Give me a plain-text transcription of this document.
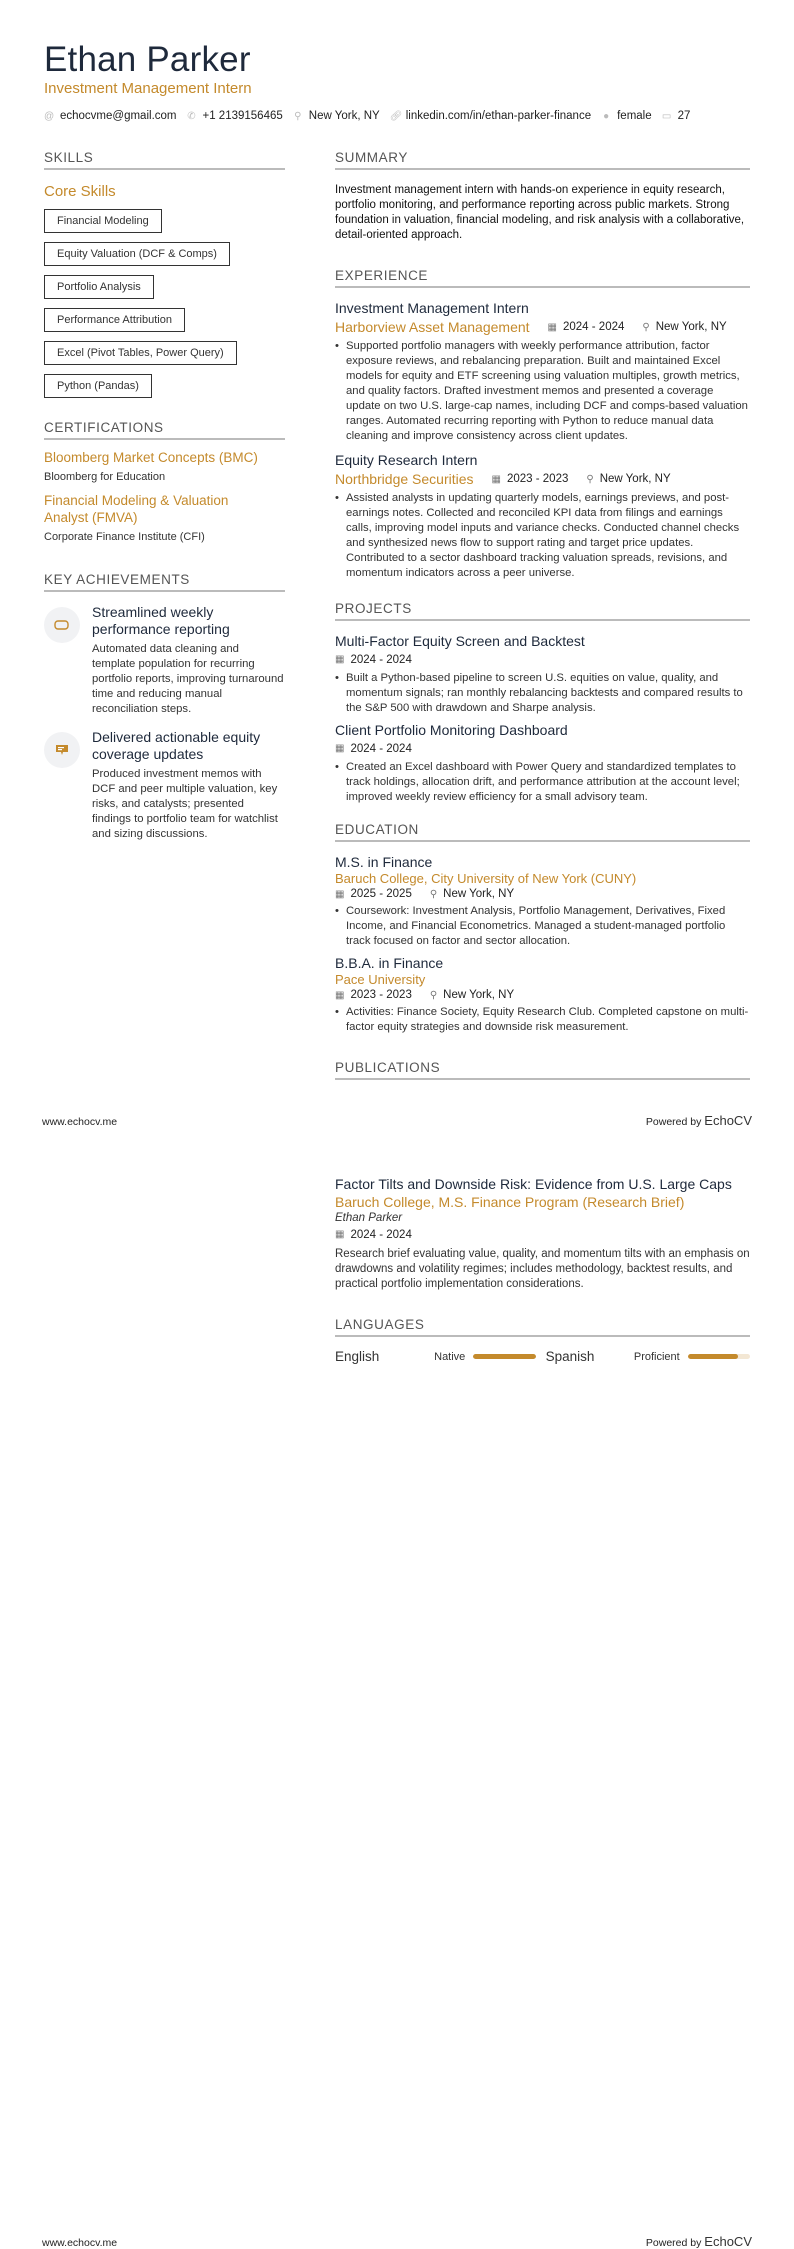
Ethan Parker
Investment Management Intern
@ echocvme@gmail.com ✆ +1 2139156465 ⚲ New York, NY 🔗︎ linkedin.com/in/ethan-parker-finance ● female ▭ 27
SKILLS
Core Skills
Financial Modeling
Equity Valuation (DCF & Comps)
Portfolio Analysis
Performance Attribution
Excel (Pivot Tables, Power Query)
Python (Pandas)
CERTIFICATIONS
Bloomberg Market Concepts (BMC)
Bloomberg for Education
Financial Modeling & Valuation Analyst (FMVA)
Corporate Finance Institute (CFI)
KEY ACHIEVEMENTS
Streamlined weekly performance reporting
Automated data cleaning and template population for recurring portfolio reports, improving turnaround time and reducing manual reconciliation steps.
Delivered actionable equity coverage updates
Produced investment memos with DCF and peer multiple valuation, key risks, and catalysts; presented findings to portfolio team for watchlist and sizing discussions.
SUMMARY
Investment management intern with hands-on experience in equity research, portfolio monitoring, and performance reporting across public markets. Strong foundation in valuation, financial modeling, and risk analysis with a collaborative, detail-oriented approach.
EXPERIENCE
Investment Management Intern
Harborview Asset Management ▦ 2024 - 2024 ⚲ New York, NY
• Supported portfolio managers with weekly performance attribution, factor exposure reviews, and rebalancing preparation. Built and maintained Excel models for equity and ETF screening using valuation multiples, growth metrics, and quality factors. Drafted investment memos and presented a coverage update on two U.S. large-cap names, including DCF and comps-based valuation ranges. Automated recurring reporting with Python to reduce manual data cleaning and improve consistency across client updates.
Equity Research Intern
Northbridge Securities ▦ 2023 - 2023 ⚲ New York, NY
• Assisted analysts in updating quarterly models, earnings previews, and post-earnings notes. Collected and reconciled KPI data from filings and earnings calls, improving model inputs and variance checks. Conducted channel checks and synthesized news flow to support rating and target price updates. Contributed to a sector dashboard tracking valuation spreads, revisions, and momentum indicators across a peer universe.
PROJECTS
Multi-Factor Equity Screen and Backtest
▦ 2024 - 2024
• Built a Python-based pipeline to screen U.S. equities on value, quality, and momentum signals; ran monthly rebalancing backtests and compared results to the S&P 500 with drawdown and Sharpe analysis.
Client Portfolio Monitoring Dashboard
▦ 2024 - 2024
• Created an Excel dashboard with Power Query and standardized templates to track holdings, allocation drift, and performance attribution at the account level; improved weekly review efficiency for a small advisory team.
EDUCATION
M.S. in Finance
Baruch College, City University of New York (CUNY)
▦ 2025 - 2025 ⚲ New York, NY
• Coursework: Investment Analysis, Portfolio Management, Derivatives, Fixed Income, and Financial Econometrics. Managed a student-managed portfolio track focused on factor and sector allocation.
B.B.A. in Finance
Pace University
▦ 2023 - 2023 ⚲ New York, NY
• Activities: Finance Society, Equity Research Club. Completed capstone on multi-factor equity strategies and downside risk measurement.
PUBLICATIONS
www.echocv.me	Powered by EchoCV
Factor Tilts and Downside Risk: Evidence from U.S. Large Caps
Baruch College, M.S. Finance Program (Research Brief)
Ethan Parker
▦ 2024 - 2024
Research brief evaluating value, quality, and momentum tilts with an emphasis on drawdowns and volatility regimes; includes methodology, backtest results, and practical portfolio implementation considerations.
LANGUAGES
English	Native	Spanish	Proficient
www.echocv.me	Powered by EchoCV
